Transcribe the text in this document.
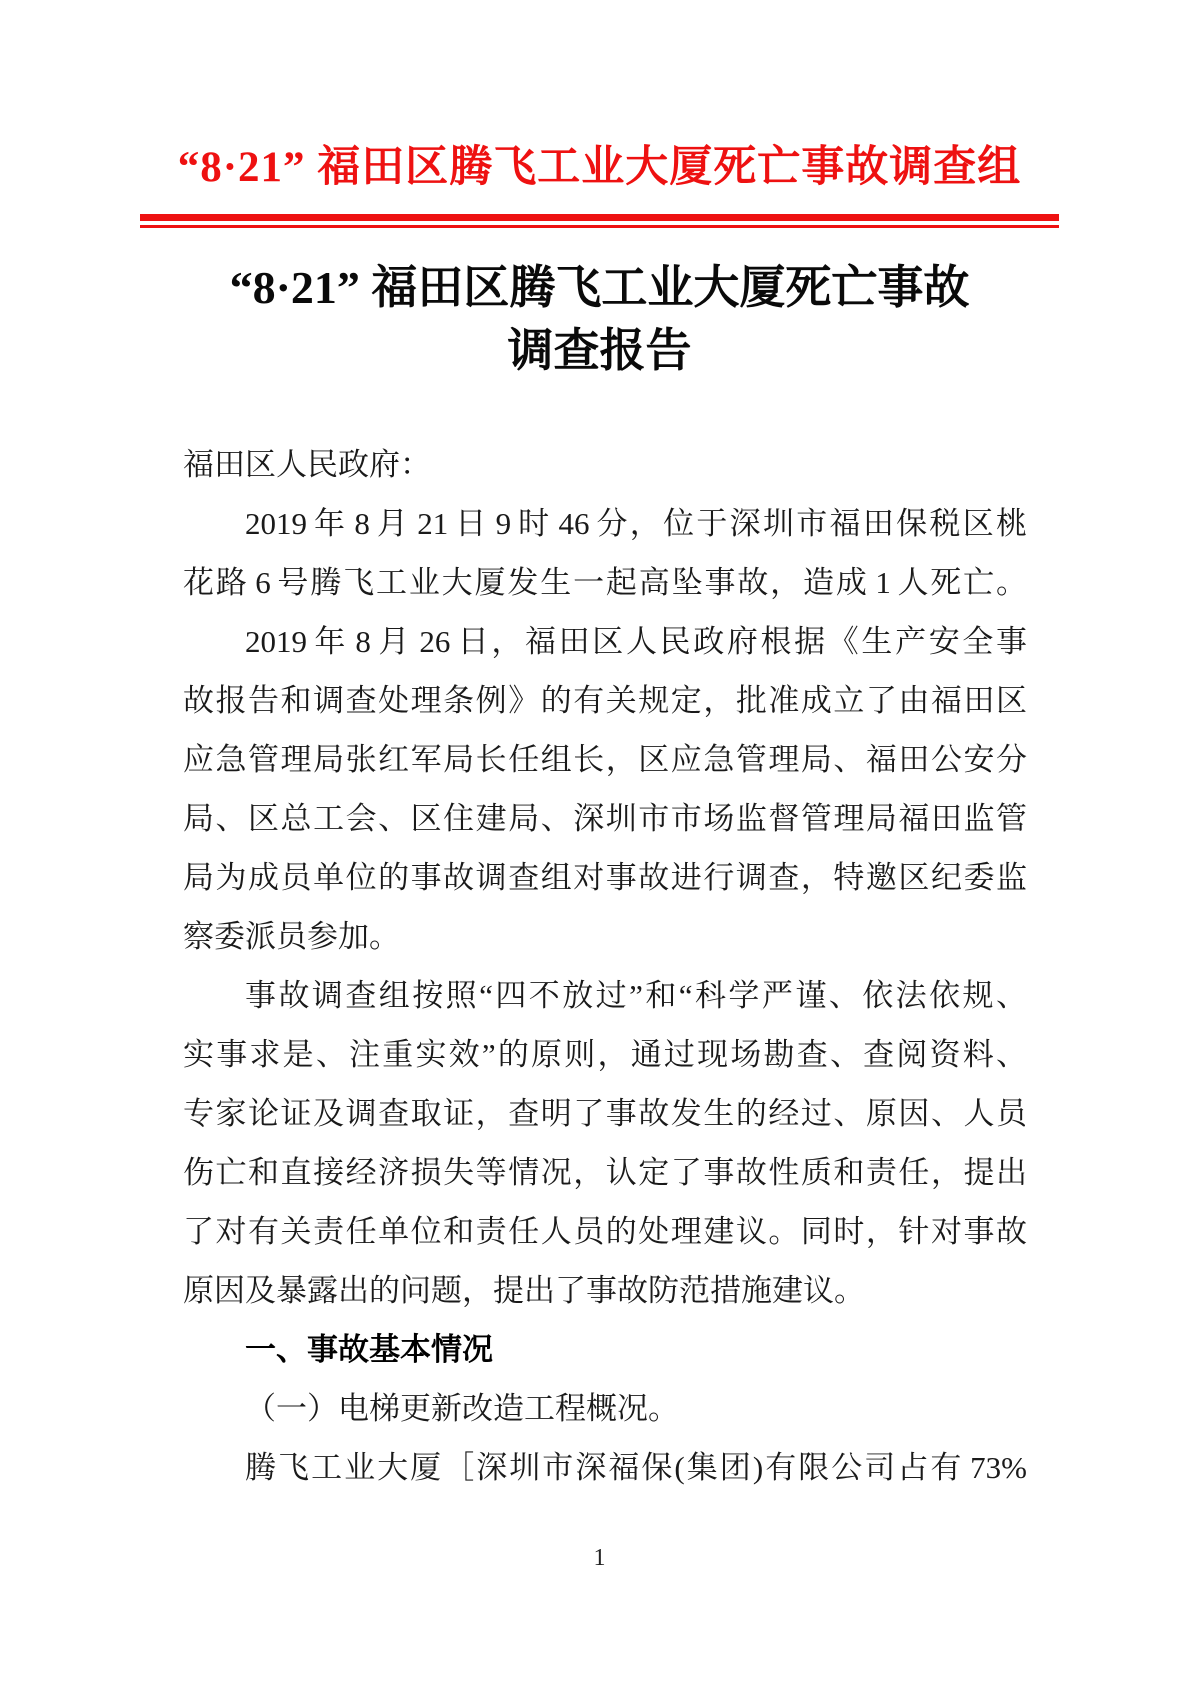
“8·21” 福田区腾飞工业大厦死亡事故调查组
“8·21” 福田区腾飞工业大厦死亡事故
调查报告
福田区人民政府：
2019 年 8 月 21 日 9 时 46 分，位于深圳市福田保税区桃
花路 6 号腾飞工业大厦发生一起高坠事故，造成 1 人死亡。
2019 年 8 月 26 日，福田区人民政府根据《生产安全事
故报告和调查处理条例》的有关规定，批准成立了由福田区
应急管理局张红军局长任组长，区应急管理局、福田公安分
局、区总工会、区住建局、深圳市市场监督管理局福田监管
局为成员单位的事故调查组对事故进行调查，特邀区纪委监
察委派员参加。
事故调查组按照“四不放过”和“科学严谨、依法依规、
实事求是、注重实效”的原则，通过现场勘查、查阅资料、
专家论证及调查取证，查明了事故发生的经过、原因、人员
伤亡和直接经济损失等情况，认定了事故性质和责任，提出
了对有关责任单位和责任人员的处理建议。同时，针对事故
原因及暴露出的问题，提出了事故防范措施建议。
一、事故基本情况
（一）电梯更新改造工程概况。
腾飞工业大厦［深圳市深福保(集团)有限公司占有 73%
1
